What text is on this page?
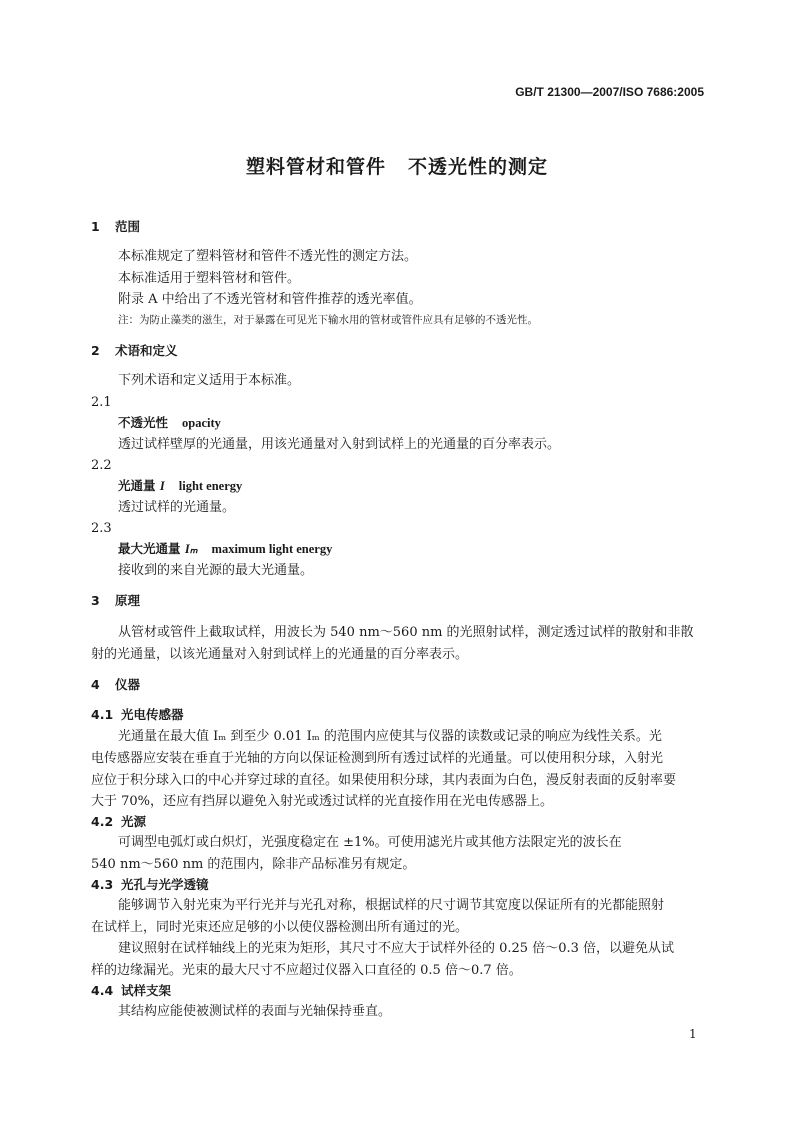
GB/T 21300—2007/ISO 7686:2005
塑料管材和管件 不透光性的测定
1 范围
本标准规定了塑料管材和管件不透光性的测定方法。
本标准适用于塑料管材和管件。
附录 A 中给出了不透光管材和管件推荐的透光率值。
注：为防止藻类的滋生，对于暴露在可见光下输水用的管材或管件应具有足够的不透光性。
2 术语和定义
下列术语和定义适用于本标准。
2.1
不透光性 opacity
透过试样壁厚的光通量，用该光通量对入射到试样上的光通量的百分率表示。
2.2
光通量 I light energy
透过试样的光通量。
2.3
最大光通量 Iₘ maximum light energy
接收到的来自光源的最大光通量。
3 原理
从管材或管件上截取试样，用波长为 540 nm～560 nm 的光照射试样，测定透过试样的散射和非散
射的光通量，以该光通量对入射到试样上的光通量的百分率表示。
4 仪器
4.1 光电传感器
光通量在最大值 Iₘ 到至少 0.01 Iₘ 的范围内应使其与仪器的读数或记录的响应为线性关系。光
电传感器应安装在垂直于光轴的方向以保证检测到所有透过试样的光通量。可以使用积分球，入射光
应位于积分球入口的中心并穿过球的直径。如果使用积分球，其内表面为白色，漫反射表面的反射率要
大于 70%，还应有挡屏以避免入射光或透过试样的光直接作用在光电传感器上。
4.2 光源
可调型电弧灯或白炽灯，光强度稳定在 ±1%。可使用滤光片或其他方法限定光的波长在
540 nm～560 nm 的范围内，除非产品标准另有规定。
4.3 光孔与光学透镜
能够调节入射光束为平行光并与光孔对称，根据试样的尺寸调节其宽度以保证所有的光都能照射
在试样上，同时光束还应足够的小以使仪器检测出所有通过的光。
建议照射在试样轴线上的光束为矩形，其尺寸不应大于试样外径的 0.25 倍～0.3 倍，以避免从试
样的边缘漏光。光束的最大尺寸不应超过仪器入口直径的 0.5 倍～0.7 倍。
4.4 试样支架
其结构应能使被测试样的表面与光轴保持垂直。
1
